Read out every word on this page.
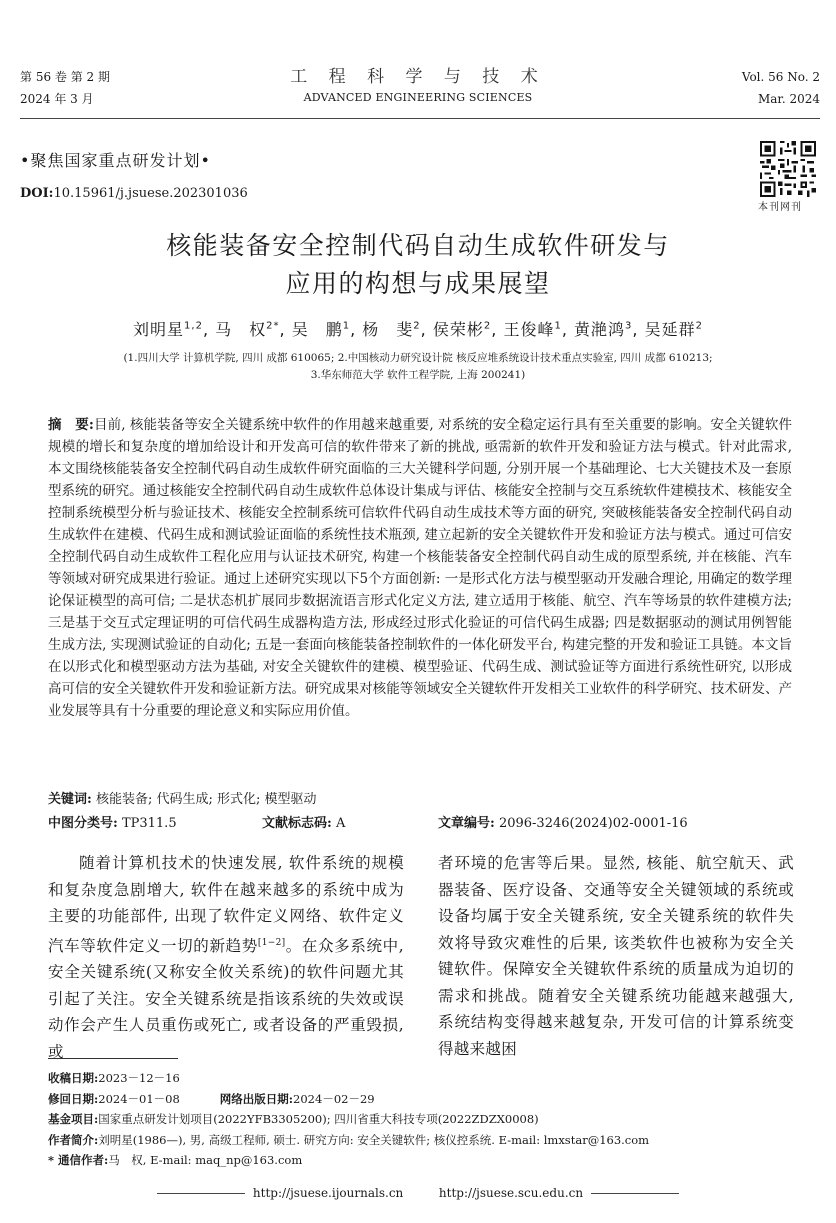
第 56 卷 第 2 期
2024 年 3 月
工 程 科 学 与 技 术
ADVANCED ENGINEERING SCIENCES
Vol. 56 No. 2
Mar. 2024
•聚焦国家重点研发计划•
DOI:10.15961/j.jsuese.202301036
本刊网刊
核能装备安全控制代码自动生成软件研发与
应用的构想与成果展望
刘明星$^{1,2}$, 马　权$^{2*}$, 吴　鹏$^1$, 杨　斐$^2$, 侯荣彬$^2$, 王俊峰$^1$, 黄滟鸿$^3$, 吴延群$^2$
(1.四川大学 计算机学院, 四川 成都 610065; 2.中国核动力研究设计院 核反应堆系统设计技术重点实验室, 四川 成都 610213;
3.华东师范大学 软件工程学院, 上海 200241)
摘　要:目前, 核能装备等安全关键系统中软件的作用越来越重要, 对系统的安全稳定运行具有至关重要的影响。安全关键软件规模的增长和复杂度的增加给设计和开发高可信的软件带来了新的挑战, 亟需新的软件开发和验证方法与模式。针对此需求, 本文围绕核能装备安全控制代码自动生成软件研究面临的三大关键科学问题, 分别开展一个基础理论、七大关键技术及一套原型系统的研究。通过核能安全控制代码自动生成软件总体设计集成与评估、核能安全控制与交互系统软件建模技术、核能安全控制系统模型分析与验证技术、核能安全控制系统可信软件代码自动生成技术等方面的研究, 突破核能装备安全控制代码自动生成软件在建模、代码生成和测试验证面临的系统性技术瓶颈, 建立起新的安全关键软件开发和验证方法与模式。通过可信安全控制代码自动生成软件工程化应用与认证技术研究, 构建一个核能装备安全控制代码自动生成的原型系统, 并在核能、汽车等领域对研究成果进行验证。通过上述研究实现以下5个方面创新: 一是形式化方法与模型驱动开发融合理论, 用确定的数学理论保证模型的高可信; 二是状态机扩展同步数据流语言形式化定义方法, 建立适用于核能、航空、汽车等场景的软件建模方法; 三是基于交互式定理证明的可信代码生成器构造方法, 形成经过形式化验证的可信代码生成器; 四是数据驱动的测试用例智能生成方法, 实现测试验证的自动化; 五是一套面向核能装备控制软件的一体化研发平台, 构建完整的开发和验证工具链。本文旨在以形式化和模型驱动方法为基础, 对安全关键软件的建模、模型验证、代码生成、测试验证等方面进行系统性研究, 以形成高可信的安全关键软件开发和验证新方法。研究成果对核能等领域安全关键软件开发相关工业软件的科学研究、技术研发、产业发展等具有十分重要的理论意义和实际应用价值。
关键词: 核能装备; 代码生成; 形式化; 模型驱动
中图分类号: TP311.5	文献标志码: A	文章编号: 2096-3246(2024)02-0001-16
随着计算机技术的快速发展, 软件系统的规模和复杂度急剧增大, 软件在越来越多的系统中成为主要的功能部件, 出现了软件定义网络、软件定义汽车等软件定义一切的新趋势[1−2]。在众多系统中, 安全关键系统(又称安全攸关系统)的软件问题尤其引起了关注。安全关键系统是指该系统的失效或误动作会产生人员重伤或死亡, 或者设备的严重毁损, 或
者环境的危害等后果。显然, 核能、航空航天、武器装备、医疗设备、交通等安全关键领域的系统或设备均属于安全关键系统, 安全关键系统的软件失效将导致灾难性的后果, 该类软件也被称为安全关键软件。保障安全关键软件系统的质量成为迫切的需求和挑战。随着安全关键系统功能越来越强大, 系统结构变得越来越复杂, 开发可信的计算系统变得越来越困
收稿日期:2023－12－16
修回日期:2024－01－08	网络出版日期:2024－02－29
基金项目:国家重点研发计划项目(2022YFB3305200); 四川省重大科技专项(2022ZDZX0008)
作者简介:刘明星(1986—), 男, 高级工程师, 硕士. 研究方向: 安全关键软件; 核仪控系统. E-mail: lmxstar@163.com
* 通信作者:马　权, E-mail: maq_np@163.com
http://jsuese.ijournals.cn	http://jsuese.scu.edu.cn
